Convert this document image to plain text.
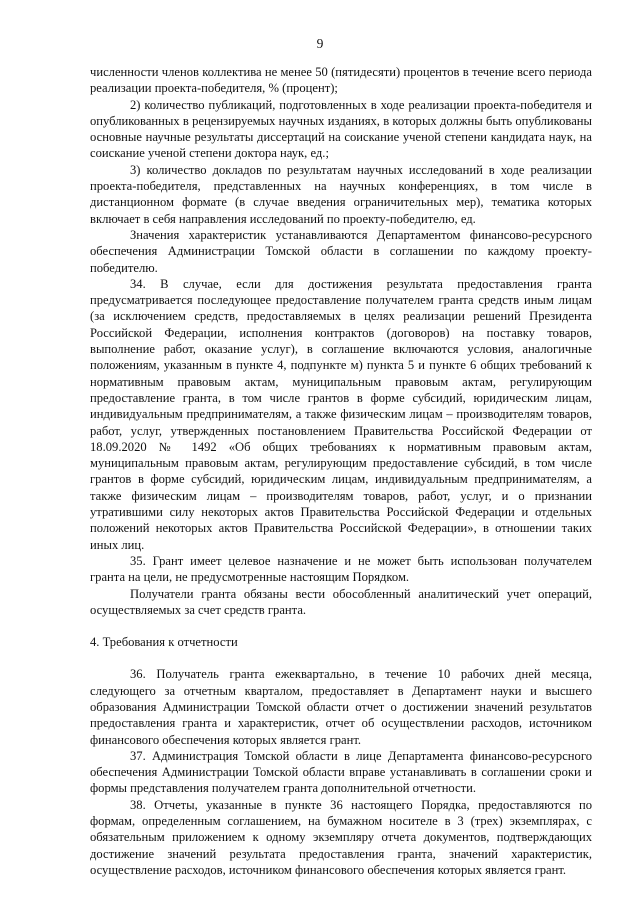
9

численности членов коллектива не менее 50 (пятидесяти) процентов в течение всего периода реализации проекта-победителя, % (процент);

2) количество публикаций, подготовленных в ходе реализации проекта-победителя и опубликованных в рецензируемых научных изданиях, в которых должны быть опубликованы основные научные результаты диссертаций на соискание ученой степени кандидата наук, на соискание ученой степени доктора наук, ед.;

3) количество докладов по результатам научных исследований в ходе реализации проекта-победителя, представленных на научных конференциях, в том числе в дистанционном формате (в случае введения ограничительных мер), тематика которых включает в себя направления исследований по проекту-победителю, ед.

Значения характеристик устанавливаются Департаментом финансово-ресурсного обеспечения Администрации Томской области в соглашении по каждому проекту-победителю.

34. В случае, если для достижения результата предоставления гранта предусматривается последующее предоставление получателем гранта средств иным лицам (за исключением средств, предоставляемых в целях реализации решений Президента Российской Федерации, исполнения контрактов (договоров) на поставку товаров, выполнение работ, оказание услуг), в соглашение включаются условия, аналогичные положениям, указанным в пункте 4, подпункте м) пункта 5 и пункте 6 общих требований к нормативным правовым актам, муниципальным правовым актам, регулирующим предоставление гранта, в том числе грантов в форме субсидий, юридическим лицам, индивидуальным предпринимателям, а также физическим лицам – производителям товаров, работ, услуг, утвержденных постановлением Правительства Российской Федерации от 18.09.2020 № 1492 «Об общих требованиях к нормативным правовым актам, муниципальным правовым актам, регулирующим предоставление субсидий, в том числе грантов в форме субсидий, юридическим лицам, индивидуальным предпринимателям, а также физическим лицам – производителям товаров, работ, услуг, и о признании утратившими силу некоторых актов Правительства Российской Федерации и отдельных положений некоторых актов Правительства Российской Федерации», в отношении таких иных лиц.

35. Грант имеет целевое назначение и не может быть использован получателем гранта на цели, не предусмотренные настоящим Порядком.

Получатели гранта обязаны вести обособленный аналитический учет операций, осуществляемых за счет средств гранта.

4. Требования к отчетности

36. Получатель гранта ежеквартально, в течение 10 рабочих дней месяца, следующего за отчетным кварталом, предоставляет в Департамент науки и высшего образования Администрации Томской области отчет о достижении значений результатов предоставления гранта и характеристик, отчет об осуществлении расходов, источником финансового обеспечения которых является грант.

37. Администрация Томской области в лице Департамента финансово-ресурсного обеспечения Администрации Томской области вправе устанавливать в соглашении сроки и формы представления получателем гранта дополнительной отчетности.

38. Отчеты, указанные в пункте 36 настоящего Порядка, предоставляются по формам, определенным соглашением, на бумажном носителе в 3 (трех) экземплярах, с обязательным приложением к одному экземпляру отчета документов, подтверждающих достижение значений результата предоставления гранта, значений характеристик, осуществление расходов, источником финансового обеспечения которых является грант.
